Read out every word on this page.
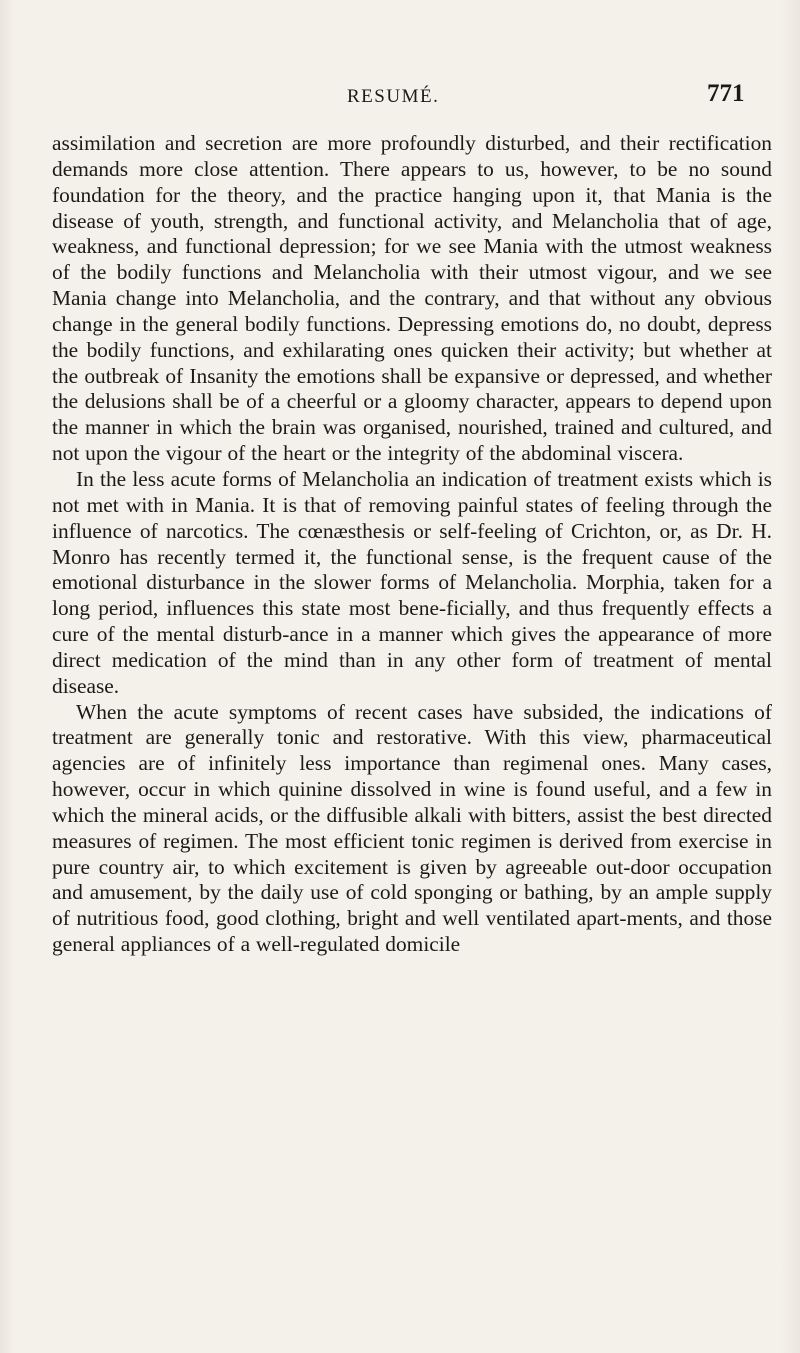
RESUMÉ.	771

assimilation and secretion are more profoundly disturbed, and their rectification demands more close attention. There appears to us, however, to be no sound foundation for the theory, and the practice hanging upon it, that Mania is the disease of youth, strength, and functional activity, and Melancholia that of age, weakness, and functional depression; for we see Mania with the utmost weakness of the bodily functions and Melancholia with their utmost vigour, and we see Mania change into Melancholia, and the contrary, and that without any obvious change in the general bodily functions. Depressing emotions do, no doubt, depress the bodily functions, and exhilarating ones quicken their activity; but whether at the outbreak of Insanity the emotions shall be expansive or depressed, and whether the delusions shall be of a cheerful or a gloomy character, appears to depend upon the manner in which the brain was organised, nourished, trained and cultured, and not upon the vigour of the heart or the integrity of the abdominal viscera.

In the less acute forms of Melancholia an indication of treatment exists which is not met with in Mania. It is that of removing painful states of feeling through the influence of narcotics. The cœnæsthesis or self-feeling of Crichton, or, as Dr. H. Monro has recently termed it, the functional sense, is the frequent cause of the emotional disturbance in the slower forms of Melancholia. Morphia, taken for a long period, influences this state most bene-ficially, and thus frequently effects a cure of the mental disturb-ance in a manner which gives the appearance of more direct medication of the mind than in any other form of treatment of mental disease.

When the acute symptoms of recent cases have subsided, the indications of treatment are generally tonic and restorative. With this view, pharmaceutical agencies are of infinitely less importance than regimenal ones. Many cases, however, occur in which quinine dissolved in wine is found useful, and a few in which the mineral acids, or the diffusible alkali with bitters, assist the best directed measures of regimen. The most efficient tonic regimen is derived from exercise in pure country air, to which excitement is given by agreeable out-door occupation and amusement, by the daily use of cold sponging or bathing, by an ample supply of nutritious food, good clothing, bright and well ventilated apart-ments, and those general appliances of a well-regulated domicile
